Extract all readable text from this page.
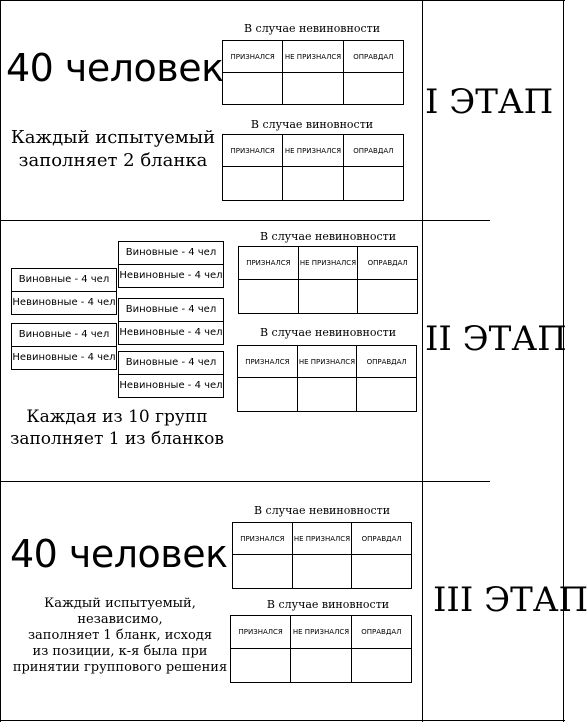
40 человек
Каждый испытуемый
заполняет 2 бланка
I ЭТАП
В случае невиновности
ПРИЗНАЛСЯ	НЕ ПРИЗНАЛСЯ	ОПРАВДАЛ

В случае виновности
ПРИЗНАЛСЯ	НЕ ПРИЗНАЛСЯ	ОПРАВДАЛ

Виновные - 4 чел
Невиновные - 4 чел
Виновные - 4 чел
Невиновные - 4 чел
Виновные - 4 чел
Невиновные - 4 чел
Виновные - 4 чел
Невиновные - 4 чел	Виновные - 4 чел
Невиновные - 4 чел
Каждая из 10 групп
заполняет 1 из бланков
II ЭТАП
В случае невиновности
ПРИЗНАЛСЯ	НЕ ПРИЗНАЛСЯ	ОПРАВДАЛ

В случае невиновности
ПРИЗНАЛСЯ	НЕ ПРИЗНАЛСЯ	ОПРАВДАЛ

40 человек
Каждый испытуемый, независимо,
заполняет 1 бланк, исходя
из позиции, к-я была при
принятии группового решения
III ЭТАП
В случае невиновности
ПРИЗНАЛСЯ	НЕ ПРИЗНАЛСЯ	ОПРАВДАЛ

В случае виновности
ПРИЗНАЛСЯ	НЕ ПРИЗНАЛСЯ	ОПРАВДАЛ
